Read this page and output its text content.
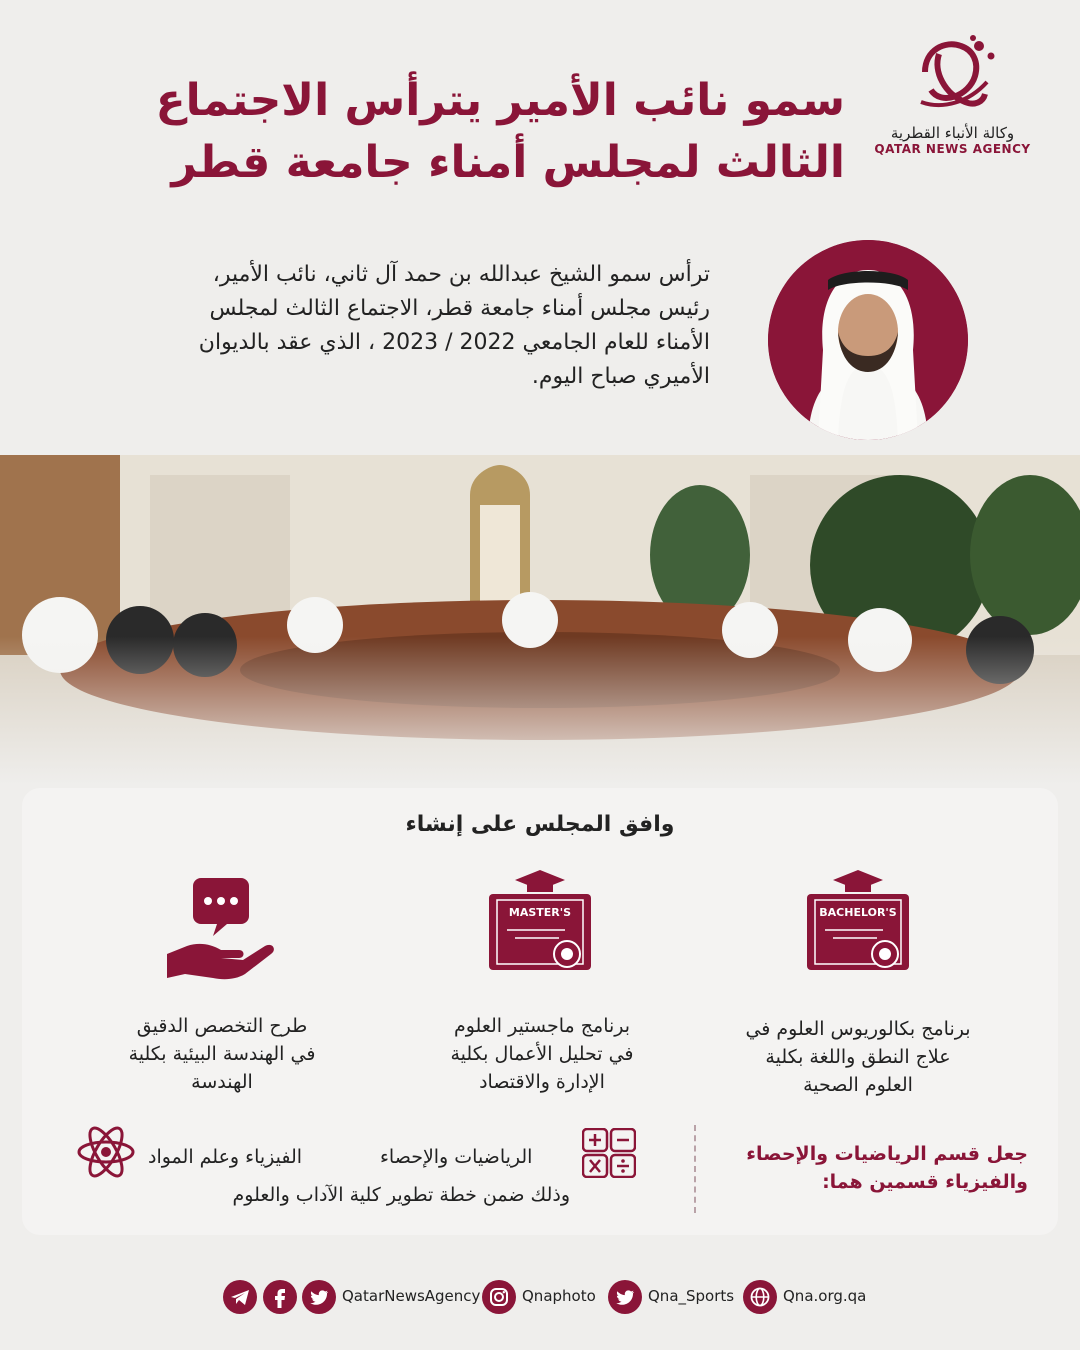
سمو نائب الأمير يترأس الاجتماع
الثالث لمجلس أمناء جامعة قطر
وكالة الأنباء القطرية
QATAR NEWS AGENCY
ترأس سمو الشيخ عبدالله بن حمد آل ثاني، نائب الأمير،
رئيس مجلس أمناء جامعة قطر، الاجتماع الثالث لمجلس
الأمناء للعام الجامعي 2022 / 2023 ، الذي عقد بالديوان
الأميري صباح اليوم.
وافق المجلس على إنشاء
BACHELOR'S
MASTER'S
برنامج بكالوريوس العلوم في
علاج النطق واللغة بكلية
العلوم الصحية
برنامج ماجستير العلوم
في تحليل الأعمال بكلية
الإدارة والاقتصاد
طرح التخصص الدقيق
في الهندسة البيئية بكلية
الهندسة
جعل قسم الرياضيات والإحصاء
والفيزياء قسمين هما:
الرياضيات والإحصاء
الفيزياء وعلم المواد
وذلك ضمن خطة تطوير كلية الآداب والعلوم
QatarNewsAgency	Qnaphoto	Qna_Sports	Qna.org.qa
